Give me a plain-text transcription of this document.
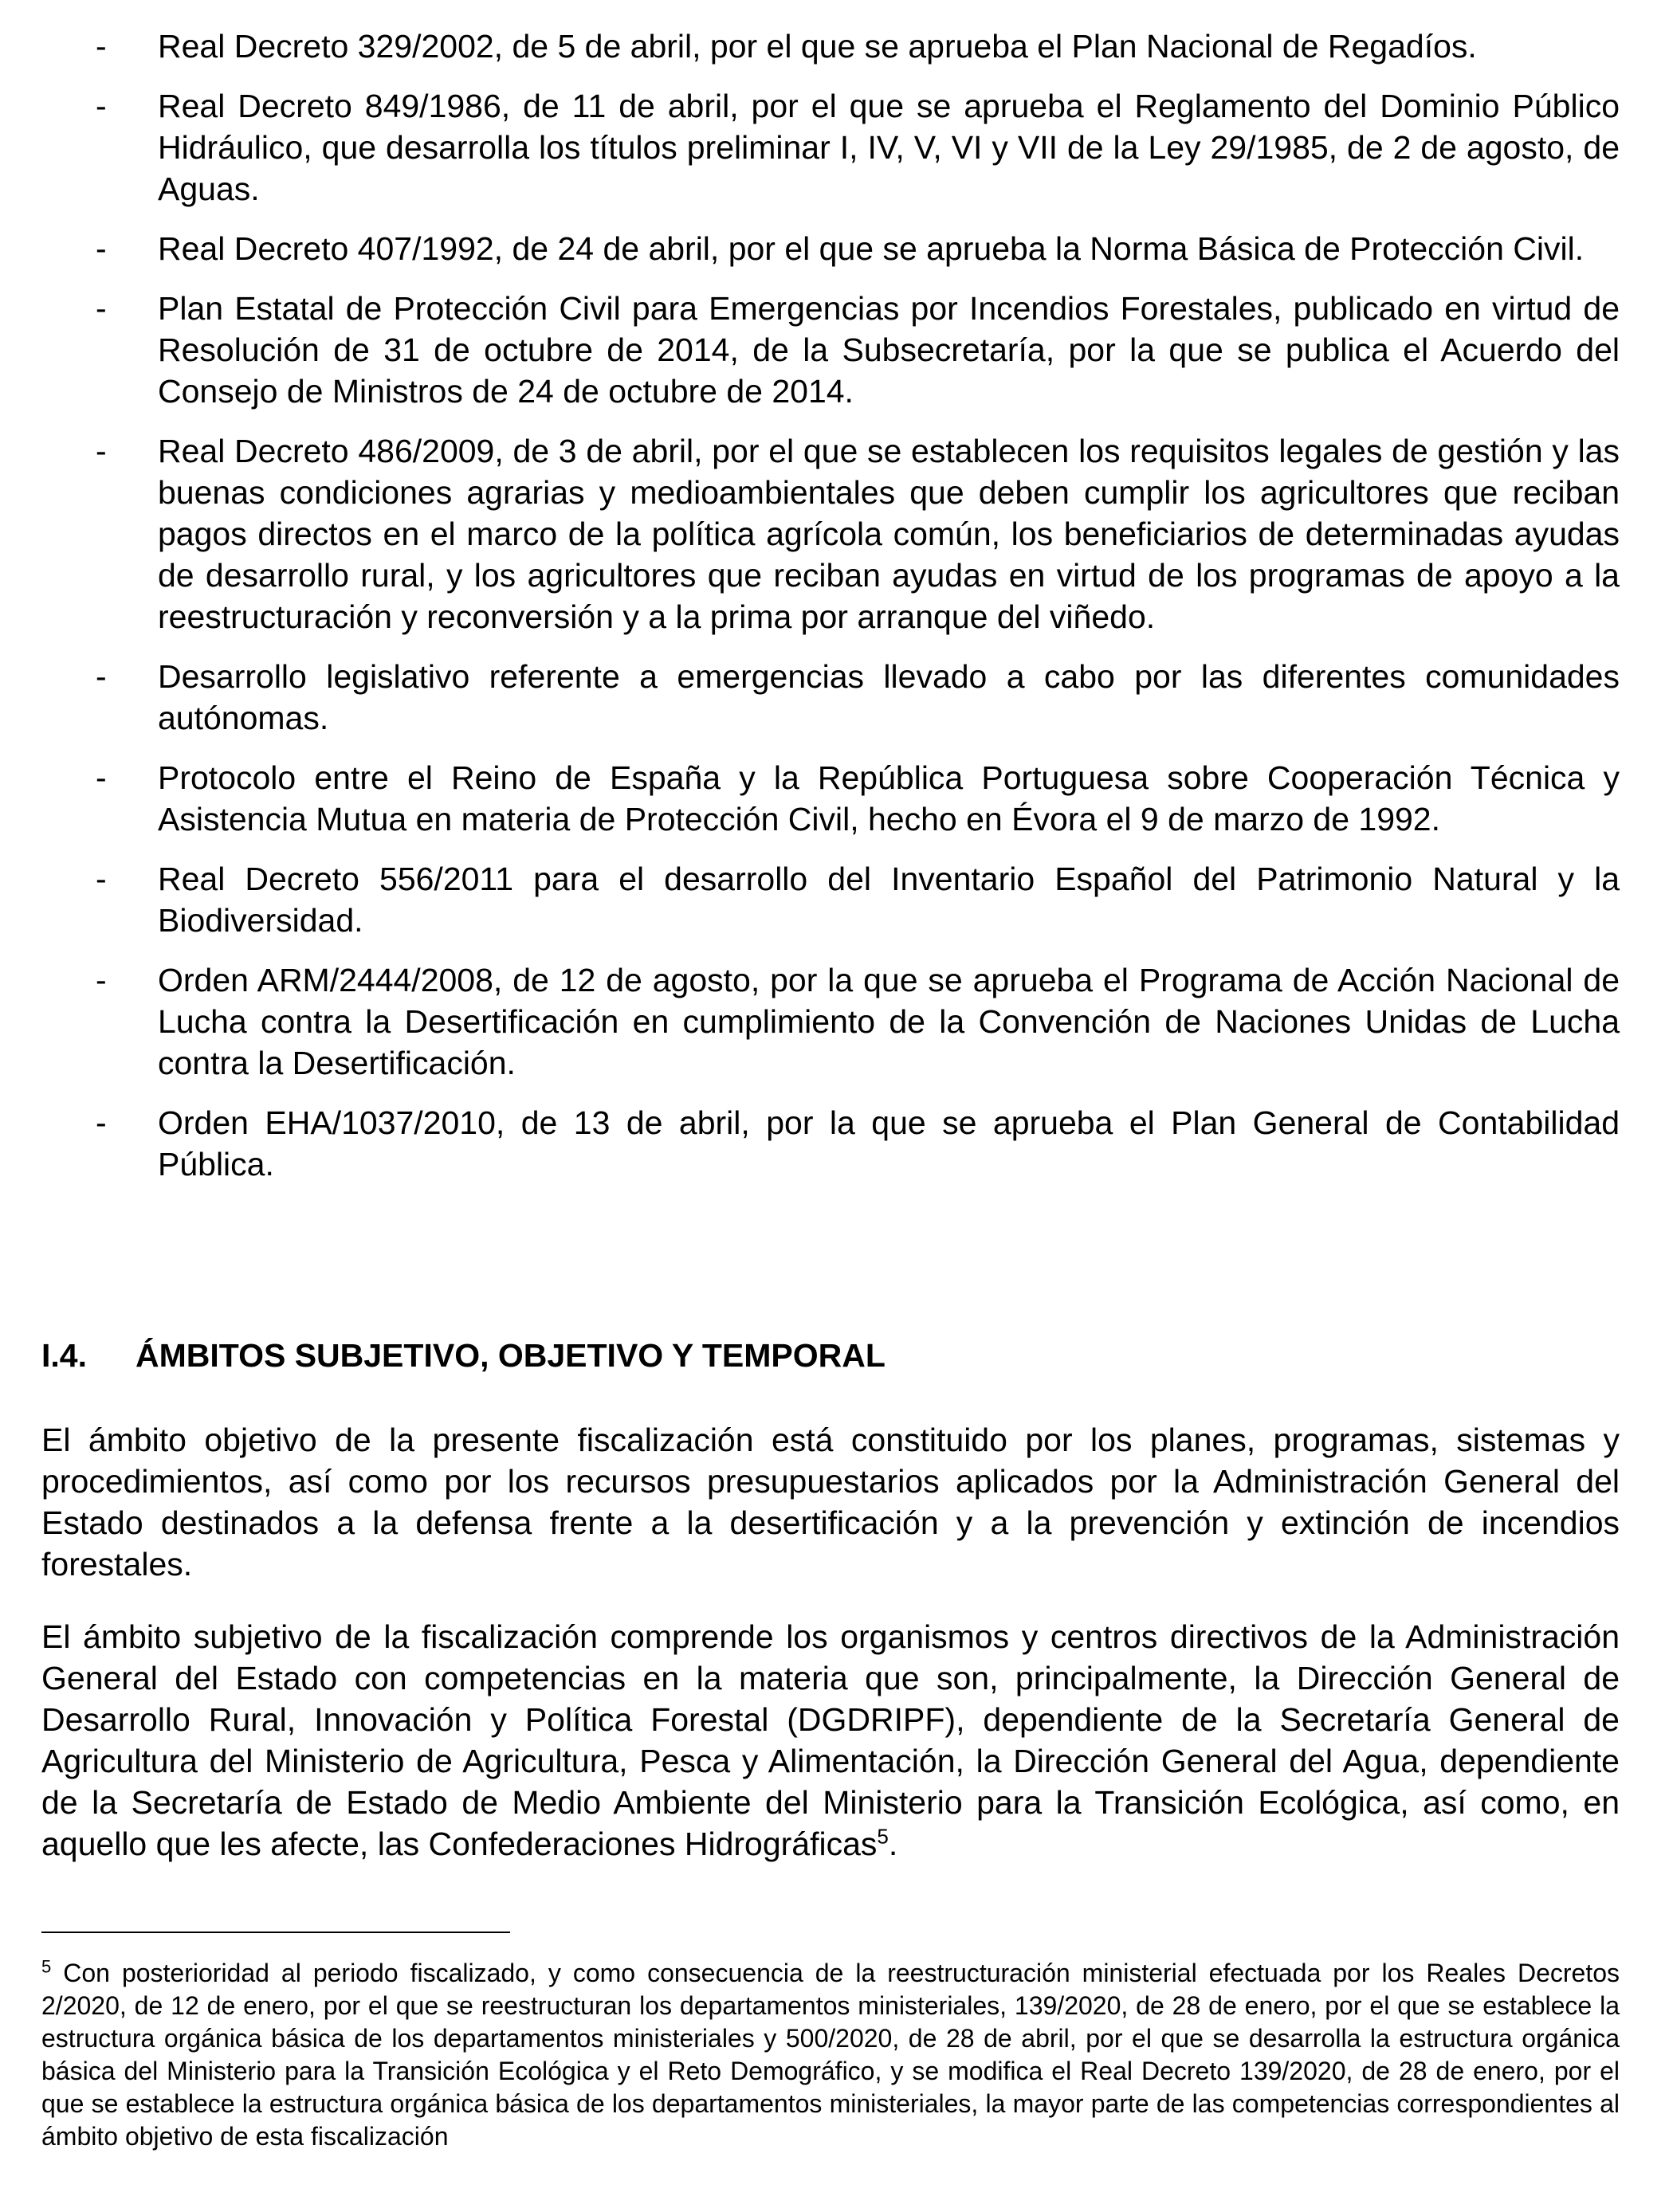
- Real Decreto 329/2002, de 5 de abril, por el que se aprueba el Plan Nacional de Regadíos.
- Real Decreto 849/1986, de 11 de abril, por el que se aprueba el Reglamento del Dominio Público Hidráulico, que desarrolla los títulos preliminar I, IV, V, VI y VII de la Ley 29/1985, de 2 de agosto, de Aguas.
- Real Decreto 407/1992, de 24 de abril, por el que se aprueba la Norma Básica de Protección Civil.
- Plan Estatal de Protección Civil para Emergencias por Incendios Forestales, publicado en virtud de Resolución de 31 de octubre de 2014, de la Subsecretaría, por la que se publica el Acuerdo del Consejo de Ministros de 24 de octubre de 2014.
- Real Decreto 486/2009, de 3 de abril, por el que se establecen los requisitos legales de gestión y las buenas condiciones agrarias y medioambientales que deben cumplir los agricultores que reciban pagos directos en el marco de la política agrícola común, los beneficiarios de determinadas ayudas de desarrollo rural, y los agricultores que reciban ayudas en virtud de los programas de apoyo a la reestructuración y reconversión y a la prima por arranque del viñedo.
- Desarrollo legislativo referente a emergencias llevado a cabo por las diferentes comunidades autónomas.
- Protocolo entre el Reino de España y la República Portuguesa sobre Cooperación Técnica y Asistencia Mutua en materia de Protección Civil, hecho en Évora el 9 de marzo de 1992.
- Real Decreto 556/2011 para el desarrollo del Inventario Español del Patrimonio Natural y la Biodiversidad.
- Orden ARM/2444/2008, de 12 de agosto, por la que se aprueba el Programa de Acción Nacional de Lucha contra la Desertificación en cumplimiento de la Convención de Naciones Unidas de Lucha contra la Desertificación.
- Orden EHA/1037/2010, de 13 de abril, por la que se aprueba el Plan General de Contabilidad Pública.
I.4. ÁMBITOS SUBJETIVO, OBJETIVO Y TEMPORAL

El ámbito objetivo de la presente fiscalización está constituido por los planes, programas, sistemas y procedimientos, así como por los recursos presupuestarios aplicados por la Administración General del Estado destinados a la defensa frente a la desertificación y a la prevención y extinción de incendios forestales.

El ámbito subjetivo de la fiscalización comprende los organismos y centros directivos de la Administración General del Estado con competencias en la materia que son, principalmente, la Dirección General de Desarrollo Rural, Innovación y Política Forestal (DGDRIPF), dependiente de la Secretaría General de Agricultura del Ministerio de Agricultura, Pesca y Alimentación, la Dirección General del Agua, dependiente de la Secretaría de Estado de Medio Ambiente del Ministerio para la Transición Ecológica, así como, en aquello que les afecte, las Confederaciones Hidrográficas$^5$.

$^5$ Con posterioridad al periodo fiscalizado, y como consecuencia de la reestructuración ministerial efectuada por los Reales Decretos 2/2020, de 12 de enero, por el que se reestructuran los departamentos ministeriales, 139/2020, de 28 de enero, por el que se establece la estructura orgánica básica de los departamentos ministeriales y 500/2020, de 28 de abril, por el que se desarrolla la estructura orgánica básica del Ministerio para la Transición Ecológica y el Reto Demográfico, y se modifica el Real Decreto 139/2020, de 28 de enero, por el que se establece la estructura orgánica básica de los departamentos ministeriales, la mayor parte de las competencias correspondientes al ámbito objetivo de esta fiscalización
